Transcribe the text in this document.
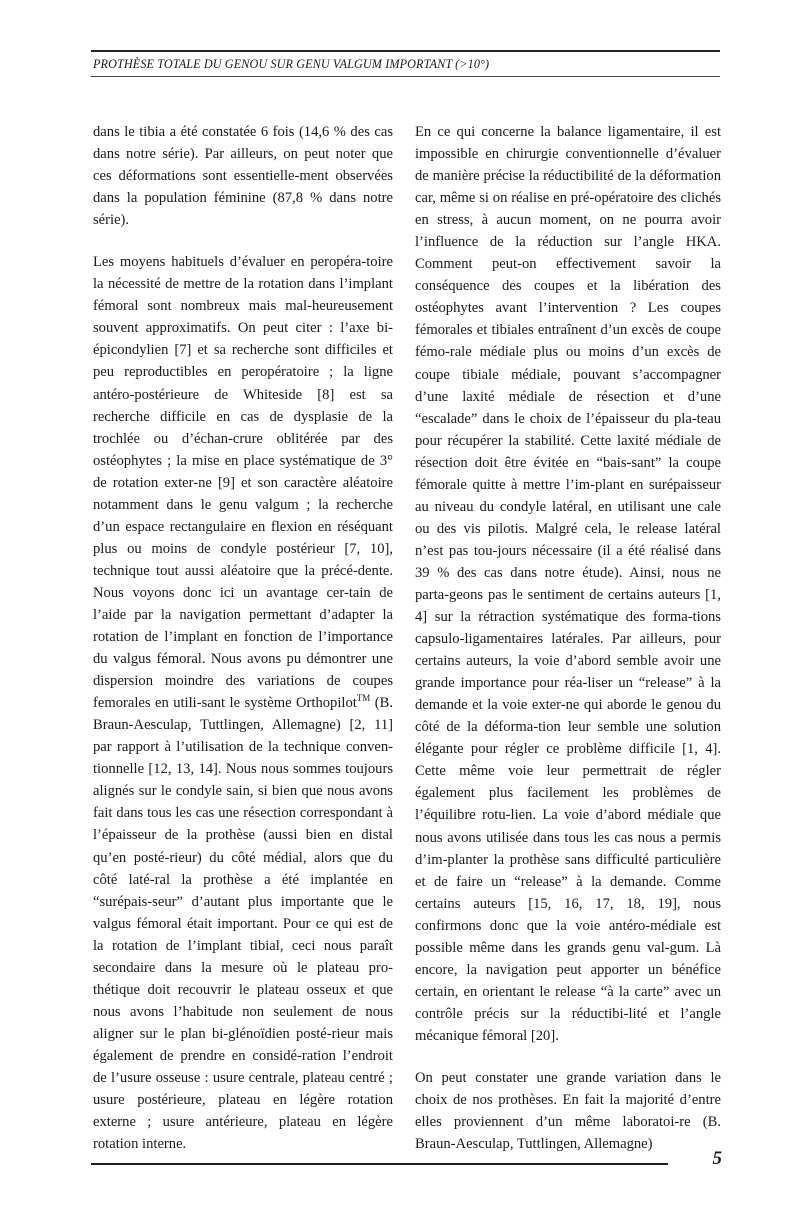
PROTHÈSE TOTALE DU GENOU SUR GENU VALGUM IMPORTANT (>10°)

dans le tibia a été constatée 6 fois (14,6 % des cas dans notre série). Par ailleurs, on peut noter que ces déformations sont essentielle-ment observées dans la population féminine (87,8 % dans notre série).

Les moyens habituels d’évaluer en peropéra-toire la nécessité de mettre de la rotation dans l’implant fémoral sont nombreux mais mal-heureusement souvent approximatifs. On peut citer : l’axe bi-épicondylien [7] et sa recherche sont difficiles et peu reproductibles en peropératoire ; la ligne antéro-postérieure de Whiteside [8] est sa recherche difficile en cas de dysplasie de la trochlée ou d’échan-crure oblitérée par des ostéophytes ; la mise en place systématique de 3° de rotation exter-ne [9] et son caractère aléatoire notamment dans le genu valgum ; la recherche d’un espace rectangulaire en flexion en réséquant plus ou moins de condyle postérieur [7, 10], technique tout aussi aléatoire que la précé-dente. Nous voyons donc ici un avantage cer-tain de l’aide par la navigation permettant d’adapter la rotation de l’implant en fonction de l’importance du valgus fémoral. Nous avons pu démontrer une dispersion moindre des variations de coupes femorales en utili-sant le système Orthopilot™ (B. Braun-Aesculap, Tuttlingen, Allemagne) [2, 11] par rapport à l’utilisation de la technique conven-tionnelle [12, 13, 14]. Nous nous sommes toujours alignés sur le condyle sain, si bien que nous avons fait dans tous les cas une résection correspondant à l’épaisseur de la prothèse (aussi bien en distal qu’en posté-rieur) du côté médial, alors que du côté laté-ral la prothèse a été implantée en “surépais-seur” d’autant plus importante que le valgus fémoral était important. Pour ce qui est de la rotation de l’implant tibial, ceci nous paraît secondaire dans la mesure où le plateau pro-thétique doit recouvrir le plateau osseux et que nous avons l’habitude non seulement de nous aligner sur le plan bi-glénoïdien posté-rieur mais également de prendre en considé-ration l’endroit de l’usure osseuse : usure centrale, plateau centré ; usure postérieure, plateau en légère rotation externe ; usure antérieure, plateau en légère rotation interne.

En ce qui concerne la balance ligamentaire, il est impossible en chirurgie conventionnelle d’évaluer de manière précise la réductibilité de la déformation car, même si on réalise en pré-opératoire des clichés en stress, à aucun moment, on ne pourra avoir l’influence de la réduction sur l’angle HKA. Comment peut-on effectivement savoir la conséquence des coupes et la libération des ostéophytes avant l’intervention ? Les coupes fémorales et tibiales entraînent d’un excès de coupe fémo-rale médiale plus ou moins d’un excès de coupe tibiale médiale, pouvant s’accompagner d’une laxité médiale de résection et d’une “escalade” dans le choix de l’épaisseur du pla-teau pour récupérer la stabilité. Cette laxité médiale de résection doit être évitée en “bais-sant” la coupe fémorale quitte à mettre l’im-plant en surépaisseur au niveau du condyle latéral, en utilisant une cale ou des vis pilotis. Malgré cela, le release latéral n’est pas tou-jours nécessaire (il a été réalisé dans 39 % des cas dans notre étude). Ainsi, nous ne parta-geons pas le sentiment de certains auteurs [1, 4] sur la rétraction systématique des forma-tions capsulo-ligamentaires latérales. Par ailleurs, pour certains auteurs, la voie d’abord semble avoir une grande importance pour réa-liser un “release” à la demande et la voie exter-ne qui aborde le genou du côté de la déforma-tion leur semble une solution élégante pour régler ce problème difficile [1, 4]. Cette même voie leur permettrait de régler également plus facilement les problèmes de l’équilibre rotu-lien. La voie d’abord médiale que nous avons utilisée dans tous les cas nous a permis d’im-planter la prothèse sans difficulté particulière et de faire un “release” à la demande. Comme certains auteurs [15, 16, 17, 18, 19], nous confirmons donc que la voie antéro-médiale est possible même dans les grands genu val-gum. Là encore, la navigation peut apporter un bénéfice certain, en orientant le release “à la carte” avec un contrôle précis sur la réductibi-lité et l’angle mécanique fémoral [20].

On peut constater une grande variation dans le choix de nos prothèses. En fait la majorité d’entre elles proviennent d’un même laboratoi-re (B. Braun-Aesculap, Tuttlingen, Allemagne)

5
